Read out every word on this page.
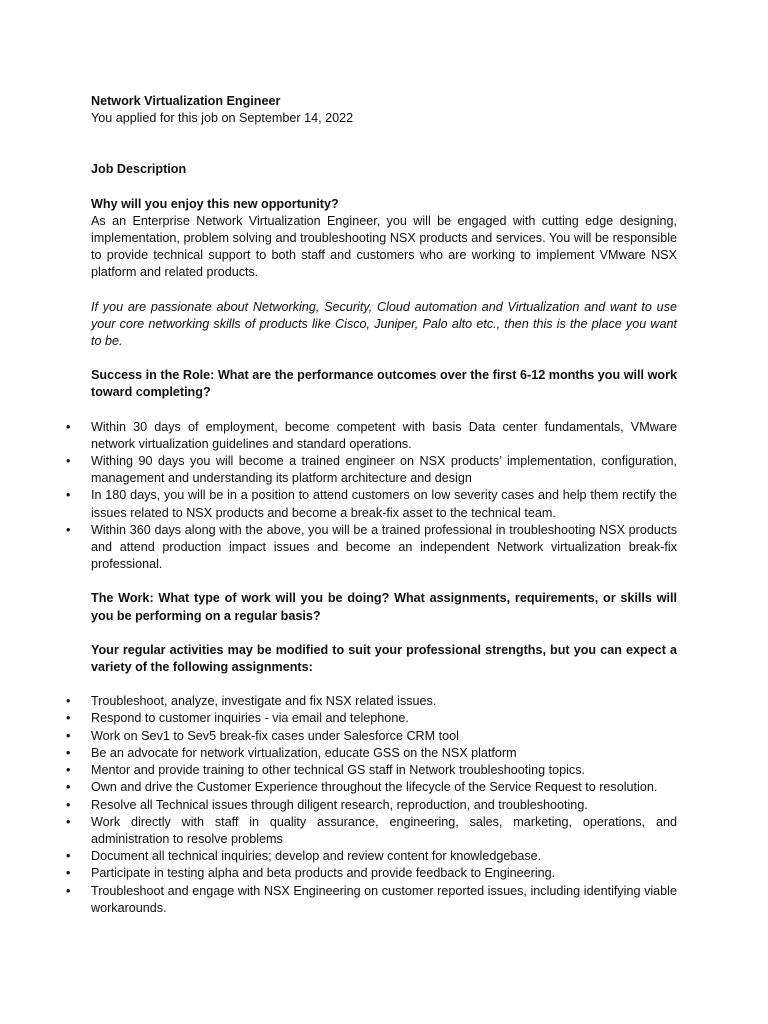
Network Virtualization Engineer

You applied for this job on September 14, 2022

Job Description

Why will you enjoy this new opportunity?

As an Enterprise Network Virtualization Engineer, you will be engaged with cutting edge designing, implementation, problem solving and troubleshooting NSX products and services. You will be responsible to provide technical support to both staff and customers who are working to implement VMware NSX platform and related products.

If you are passionate about Networking, Security, Cloud automation and Virtualization and want to use your core networking skills of products like Cisco, Juniper, Palo alto etc., then this is the place you want to be.

Success in the Role: What are the performance outcomes over the first 6-12 months you will work toward completing?

• Within 30 days of employment, become competent with basis Data center fundamentals, VMware network virtualization guidelines and standard operations.
• Withing 90 days you will become a trained engineer on NSX products’ implementation, configuration, management and understanding its platform architecture and design
• In 180 days, you will be in a position to attend customers on low severity cases and help them rectify the issues related to NSX products and become a break-fix asset to the technical team.
• Within 360 days along with the above, you will be a trained professional in troubleshooting NSX products and attend production impact issues and become an independent Network virtualization break-fix professional.

The Work: What type of work will you be doing? What assignments, requirements, or skills will you be performing on a regular basis?

Your regular activities may be modified to suit your professional strengths, but you can expect a variety of the following assignments:

• Troubleshoot, analyze, investigate and fix NSX related issues.
• Respond to customer inquiries - via email and telephone.
• Work on Sev1 to Sev5 break-fix cases under Salesforce CRM tool
• Be an advocate for network virtualization, educate GSS on the NSX platform
• Mentor and provide training to other technical GS staff in Network troubleshooting topics.
• Own and drive the Customer Experience throughout the lifecycle of the Service Request to resolution.
• Resolve all Technical issues through diligent research, reproduction, and troubleshooting.
• Work directly with staff in quality assurance, engineering, sales, marketing, operations, and administration to resolve problems
• Document all technical inquiries; develop and review content for knowledgebase.
• Participate in testing alpha and beta products and provide feedback to Engineering.
• Troubleshoot and engage with NSX Engineering on customer reported issues, including identifying viable workarounds.
